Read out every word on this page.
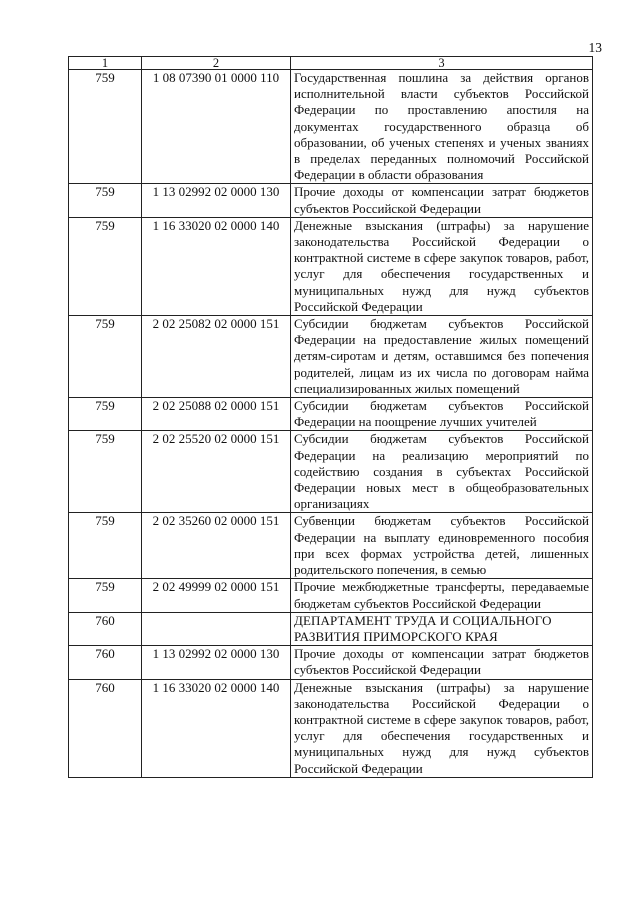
13
1	2	3
759	1 08 07390 01 0000 110	Государственная пошлина за действия органов исполнительной власти субъектов Российской Федерации по проставлению апостиля на документах государственного образца об образовании, об ученых степенях и ученых званиях в пределах переданных полномочий Российской Федерации в области образования
759	1 13 02992 02 0000 130	Прочие доходы от компенсации затрат бюджетов субъектов Российской Федерации
759	1 16 33020 02 0000 140	Денежные взыскания (штрафы) за нарушение законодательства Российской Федерации о контрактной системе в сфере закупок товаров, работ, услуг для обеспечения государственных и муниципальных нужд для нужд субъектов Российской Федерации
759	2 02 25082 02 0000 151	Субсидии бюджетам субъектов Российской Федерации на предоставление жилых помещений детям-сиротам и детям, оставшимся без попечения родителей, лицам из их числа по договорам найма специализированных жилых помещений
759	2 02 25088 02 0000 151	Субсидии бюджетам субъектов Российской Федерации на поощрение лучших учителей
759	2 02 25520 02 0000 151	Субсидии бюджетам субъектов Российской Федерации на реализацию мероприятий по содействию создания в субъектах Российской Федерации новых мест в общеобразовательных организациях
759	2 02 35260 02 0000 151	Субвенции бюджетам субъектов Российской Федерации на выплату единовременного пособия при всех формах устройства детей, лишенных родительского попечения, в семью
759	2 02 49999 02 0000 151	Прочие межбюджетные трансферты, передаваемые бюджетам субъектов Российской Федерации
760		ДЕПАРТАМЕНТ ТРУДА И СОЦИАЛЬНОГО РАЗВИТИЯ ПРИМОРСКОГО КРАЯ
760	1 13 02992 02 0000 130	Прочие доходы от компенсации затрат бюджетов субъектов Российской Федерации
760	1 16 33020 02 0000 140	Денежные взыскания (штрафы) за нарушение законодательства Российской Федерации о контрактной системе в сфере закупок товаров, работ, услуг для обеспечения государственных и муниципальных нужд для нужд субъектов Российской Федерации
